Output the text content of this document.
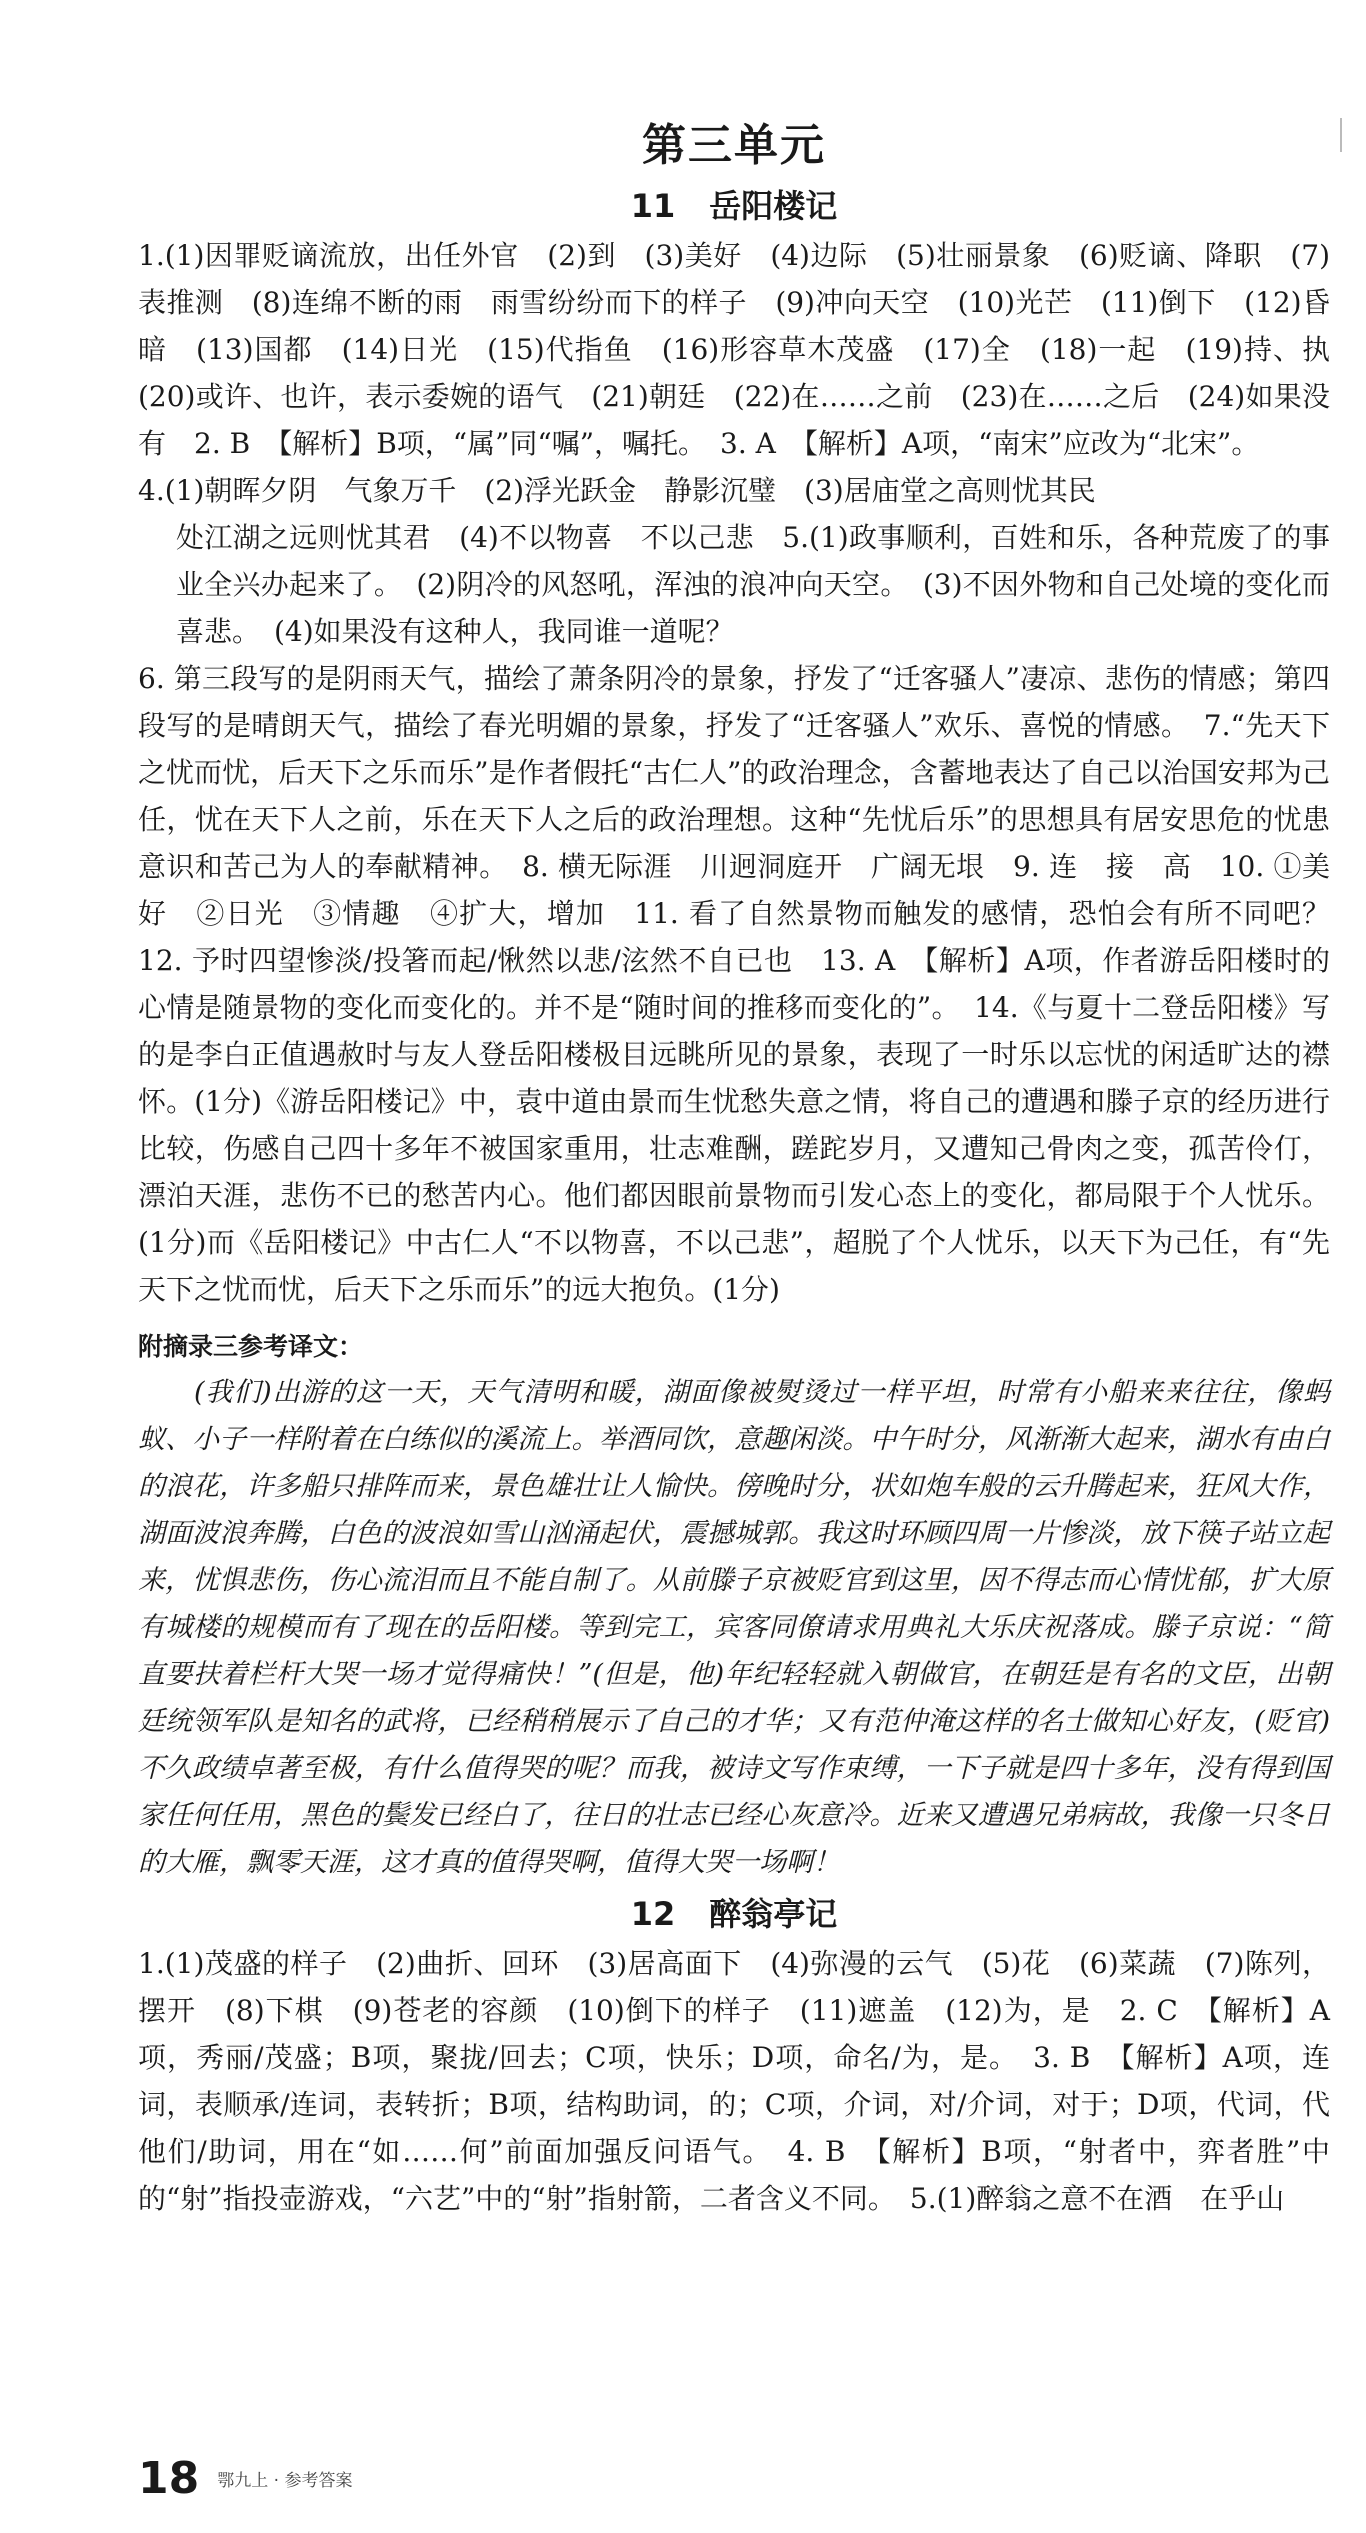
第三单元
11 岳阳楼记

1.(1)因罪贬谪流放，出任外官　(2)到　(3)美好　(4)边际　(5)壮丽景象　(6)贬谪、降职　(7)表推测　(8)连绵不断的雨　雨雪纷纷而下的样子　(9)冲向天空　(10)光芒　(11)倒下　(12)昏暗　(13)国都　(14)日光　(15)代指鱼　(16)形容草木茂盛　(17)全　(18)一起　(19)持、执　(20)或许、也许，表示委婉的语气　(21)朝廷　(22)在……之前　(23)在……之后　(24)如果没有　2. B　【解析】B项，“属”同“嘱”，嘱托。　3. A　【解析】A项，“南宋”应改为“北宋”。

4.(1)朝晖夕阴　气象万千　(2)浮光跃金　静影沉璧　(3)居庙堂之高则忧其民

处江湖之远则忧其君　(4)不以物喜　不以己悲　5.(1)政事顺利，百姓和乐，各种荒废了的事业全兴办起来了。　(2)阴冷的风怒吼，浑浊的浪冲向天空。　(3)不因外物和自己处境的变化而喜悲。　(4)如果没有这种人，我同谁一道呢？

6. 第三段写的是阴雨天气，描绘了萧条阴冷的景象，抒发了“迁客骚人”凄凉、悲伤的情感；第四段写的是晴朗天气，描绘了春光明媚的景象，抒发了“迁客骚人”欢乐、喜悦的情感。　7.“先天下之忧而忧，后天下之乐而乐”是作者假托“古仁人”的政治理念，含蓄地表达了自己以治国安邦为己任，忧在天下人之前，乐在天下人之后的政治理想。这种“先忧后乐”的思想具有居安思危的忧患意识和苦己为人的奉献精神。　8. 横无际涯　川迥洞庭开　广阔无垠　9. 连　接　高　10. ①美好　②日光　③情趣　④扩大，增加　11. 看了自然景物而触发的感情，恐怕会有所不同吧？　12. 予时四望惨淡/投箸而起/愀然以悲/泫然不自已也　13. A　【解析】A项，作者游岳阳楼时的心情是随景物的变化而变化的。并不是“随时间的推移而变化的”。　14.《与夏十二登岳阳楼》写的是李白正值遇赦时与友人登岳阳楼极目远眺所见的景象，表现了一时乐以忘忧的闲适旷达的襟怀。(1分)《游岳阳楼记》中，袁中道由景而生忧愁失意之情，将自己的遭遇和滕子京的经历进行比较，伤感自己四十多年不被国家重用，壮志难酬，蹉跎岁月，又遭知己骨肉之变，孤苦伶仃，漂泊天涯，悲伤不已的愁苦内心。他们都因眼前景物而引发心态上的变化，都局限于个人忧乐。(1分)而《岳阳楼记》中古仁人“不以物喜，不以己悲”，超脱了个人忧乐，以天下为己任，有“先天下之忧而忧，后天下之乐而乐”的远大抱负。(1分)

附摘录三参考译文：

(我们)出游的这一天，天气清明和暖，湖面像被熨烫过一样平坦，时常有小船来来往往，像蚂蚁、小子一样附着在白练似的溪流上。举酒同饮，意趣闲淡。中午时分，风渐渐大起来，湖水有由白的浪花，许多船只排阵而来，景色雄壮让人愉快。傍晚时分，状如炮车般的云升腾起来，狂风大作，湖面波浪奔腾，白色的波浪如雪山汹涌起伏，震撼城郭。我这时环顾四周一片惨淡，放下筷子站立起来，忧惧悲伤，伤心流泪而且不能自制了。从前滕子京被贬官到这里，因不得志而心情忧郁，扩大原有城楼的规模而有了现在的岳阳楼。等到完工，宾客同僚请求用典礼大乐庆祝落成。滕子京说：“简直要扶着栏杆大哭一场才觉得痛快！”(但是，他)年纪轻轻就入朝做官，在朝廷是有名的文臣，出朝廷统领军队是知名的武将，已经稍稍展示了自己的才华；又有范仲淹这样的名士做知心好友，(贬官)不久政绩卓著至极，有什么值得哭的呢？而我，被诗文写作束缚，一下子就是四十多年，没有得到国家任何任用，黑色的鬓发已经白了，往日的壮志已经心灰意冷。近来又遭遇兄弟病故，我像一只冬日的大雁，飘零天涯，这才真的值得哭啊，值得大哭一场啊！

12 醉翁亭记

1.(1)茂盛的样子　(2)曲折、回环　(3)居高面下　(4)弥漫的云气　(5)花　(6)菜蔬　(7)陈列，摆开　(8)下棋　(9)苍老的容颜　(10)倒下的样子　(11)遮盖　(12)为，是　2. C　【解析】A项，秀丽/茂盛；B项，聚拢/回去；C项，快乐；D项，命名/为，是。　3. B　【解析】A项，连词，表顺承/连词，表转折；B项，结构助词，的；C项，介词，对/介词，对于；D项，代词，代他们/助词，用在“如……何”前面加强反问语气。　4. B　【解析】B项，“射者中，弈者胜”中的“射”指投壶游戏，“六艺”中的“射”指射箭，二者含义不同。　5.(1)醉翁之意不在酒　在乎山

18 鄂九上 · 参考答案
